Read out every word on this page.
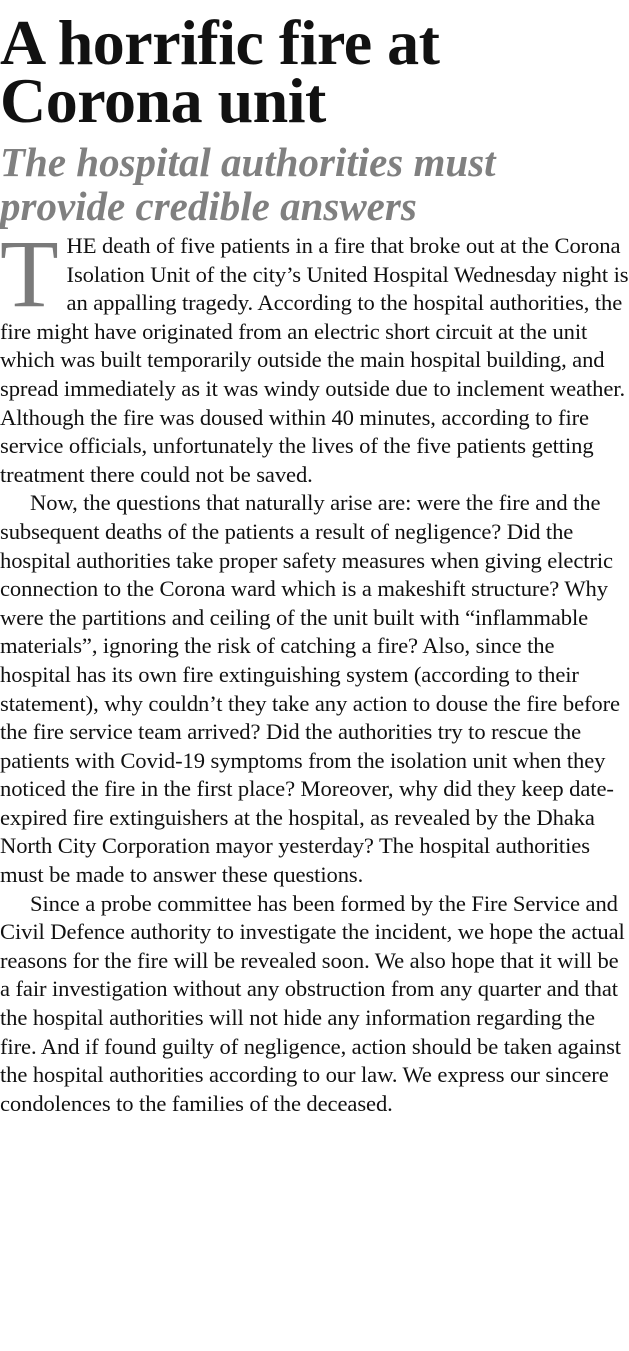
A horrific fire at
Corona unit
The hospital authorities must
provide credible answers

THE death of five patients in a fire that broke out at the Corona Isolation Unit of the city’s United Hospital Wednesday night is an appalling tragedy. According to the hospital authorities, the fire might have originated from an electric short circuit at the unit which was built temporarily outside the main hospital building, and spread immediately as it was windy outside due to inclement weather. Although the fire was doused within 40 minutes, according to fire service officials, unfortunately the lives of the five patients getting treatment there could not be saved.

Now, the questions that naturally arise are: were the fire and the subsequent deaths of the patients a result of negligence? Did the hospital authorities take proper safety measures when giving electric connection to the Corona ward which is a makeshift structure? Why were the partitions and ceiling of the unit built with “inflammable materials”, ignoring the risk of catching a fire? Also, since the hospital has its own fire extinguishing system (according to their statement), why couldn’t they take any action to douse the fire before the fire service team arrived? Did the authorities try to rescue the patients with Covid-19 symptoms from the isolation unit when they noticed the fire in the first place? Moreover, why did they keep date-expired fire extinguishers at the hospital, as revealed by the Dhaka North City Corporation mayor yesterday? The hospital authorities must be made to answer these questions.

Since a probe committee has been formed by the Fire Service and Civil Defence authority to investigate the incident, we hope the actual reasons for the fire will be revealed soon. We also hope that it will be a fair investigation without any obstruction from any quarter and that the hospital authorities will not hide any information regarding the fire. And if found guilty of negligence, action should be taken against the hospital authorities according to our law. We express our sincere condolences to the families of the deceased.
